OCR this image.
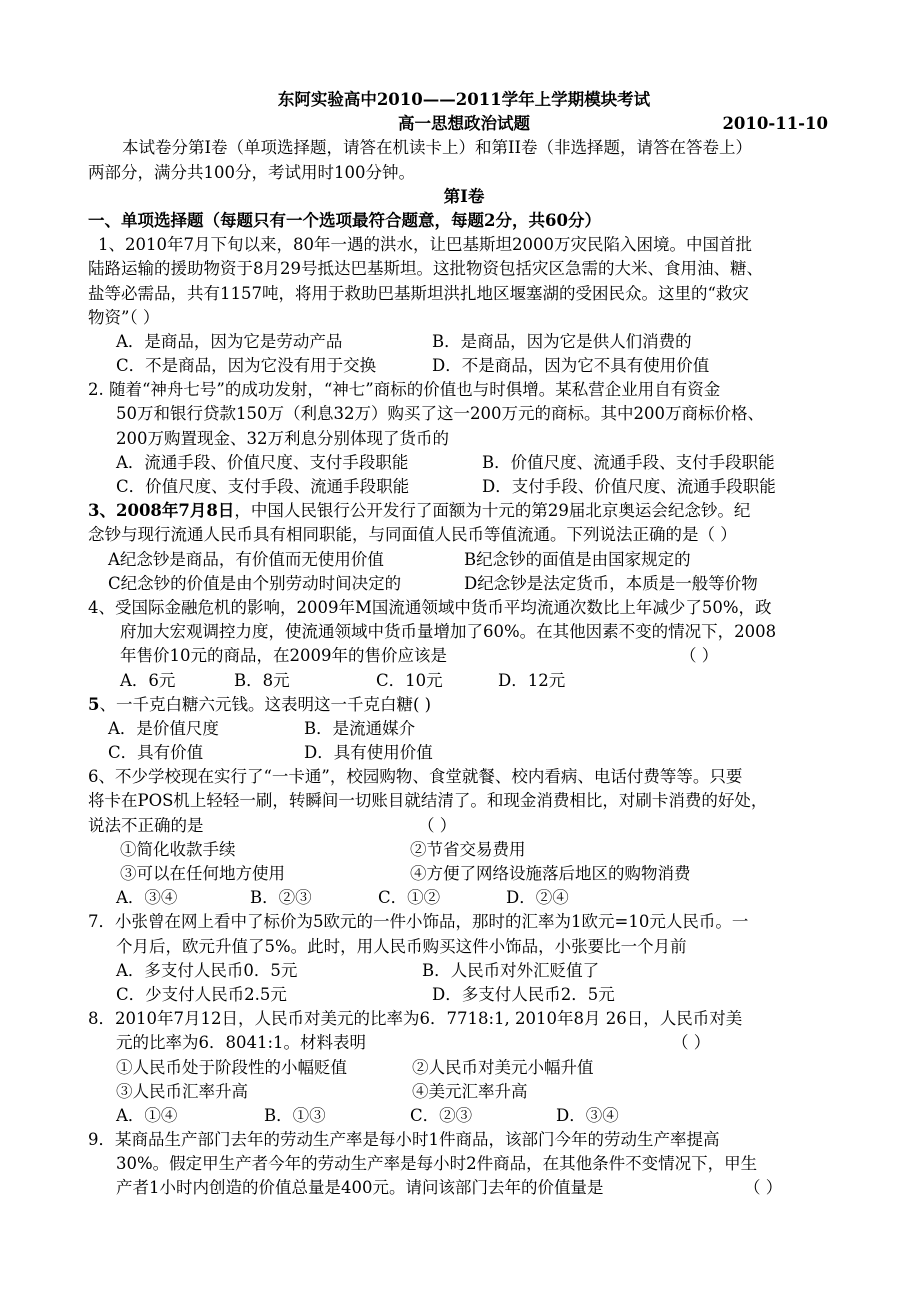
东阿实验高中2010——2011学年上学期模块考试
高一思想政治试题	2010-11-10
本试卷分第Ⅰ卷（单项选择题，请答在机读卡上）和第II卷（非选择题，请答在答卷上）
两部分，满分共100分，考试用时100分钟。
第Ⅰ卷
一、单项选择题（每题只有一个选项最符合题意，每题2分，共60分）
1、2010年7月下旬以来，80年一遇的洪水，让巴基斯坦2000万灾民陷入困境。中国首批
陆路运输的援助物资于8月29号抵达巴基斯坦。这批物资包括灾区急需的大米、食用油、糖、
盐等必需品，共有1157吨，将用于救助巴基斯坦洪扎地区堰塞湖的受困民众。这里的“救灾
物资”（ ）
A．是商品，因为它是劳动产品	B．是商品，因为它是供人们消费的
C．不是商品，因为它没有用于交换	D．不是商品，因为它不具有使用价值
2. 随着“神舟七号”的成功发射，“神七”商标的价值也与时俱增。某私营企业用自有资金
50万和银行贷款150万（利息32万）购买了这一200万元的商标。其中200万商标价格、
200万购置现金、32万利息分别体现了货币的
A．流通手段、价值尺度、支付手段职能	B．价值尺度、流通手段、支付手段职能
C．价值尺度、支付手段、流通手段职能	D．支付手段、价值尺度、流通手段职能
3、2008年7月8日，中国人民银行公开发行了面额为十元的第29届北京奥运会纪念钞。纪
念钞与现行流通人民币具有相同职能，与同面值人民币等值流通。下列说法正确的是（ ）
A纪念钞是商品，有价值而无使用价值	B纪念钞的面值是由国家规定的
C纪念钞的价值是由个别劳动时间决定的	D纪念钞是法定货币，本质是一般等价物
4、受国际金融危机的影响，2009年M国流通领域中货币平均流通次数比上年减少了50%，政
府加大宏观调控力度，使流通领域中货币量增加了60%。在其他因素不变的情况下，2008
年售价10元的商品，在2009年的售价应该是	（ ）
A．6元	B．8元	C．10元	D．12元
5、一千克白糖六元钱。这表明这一千克白糖( )
A．是价值尺度	B．是流通媒介
C．具有价值	D．具有使用价值
6、不少学校现在实行了“一卡通”，校园购物、食堂就餐、校内看病、电话付费等等。只要
将卡在POS机上轻轻一刷，转瞬间一切账目就结清了。和现金消费相比，对刷卡消费的好处，
说法不正确的是	（ ）
①简化收款手续	②节省交易费用
③可以在任何地方使用	④方便了网络设施落后地区的购物消费
A．③④	B．②③	C．①②	D．②④
7．小张曾在网上看中了标价为5欧元的一件小饰品，那时的汇率为1欧元=10元人民币。一
个月后，欧元升值了5%。此时，用人民币购买这件小饰品，小张要比一个月前
A．多支付人民币0．5元	B．人民币对外汇贬值了
C．少支付人民币2.5元	D．多支付人民币2．5元
8．2010年7月12日，人民币对美元的比率为6．7718:1, 2010年8月 26日，人民币对美
元的比率为6．8041:1。材料表明	（ ）
①人民币处于阶段性的小幅贬值	②人民币对美元小幅升值
③人民币汇率升高	④美元汇率升高
A．①④	B．①③	C．②③	D．③④
9．某商品生产部门去年的劳动生产率是每小时1件商品，该部门今年的劳动生产率提高
30%。假定甲生产者今年的劳动生产率是每小时2件商品，在其他条件不变情况下，甲生
产者1小时内创造的价值总量是400元。请问该部门去年的价值量是	（ ）
